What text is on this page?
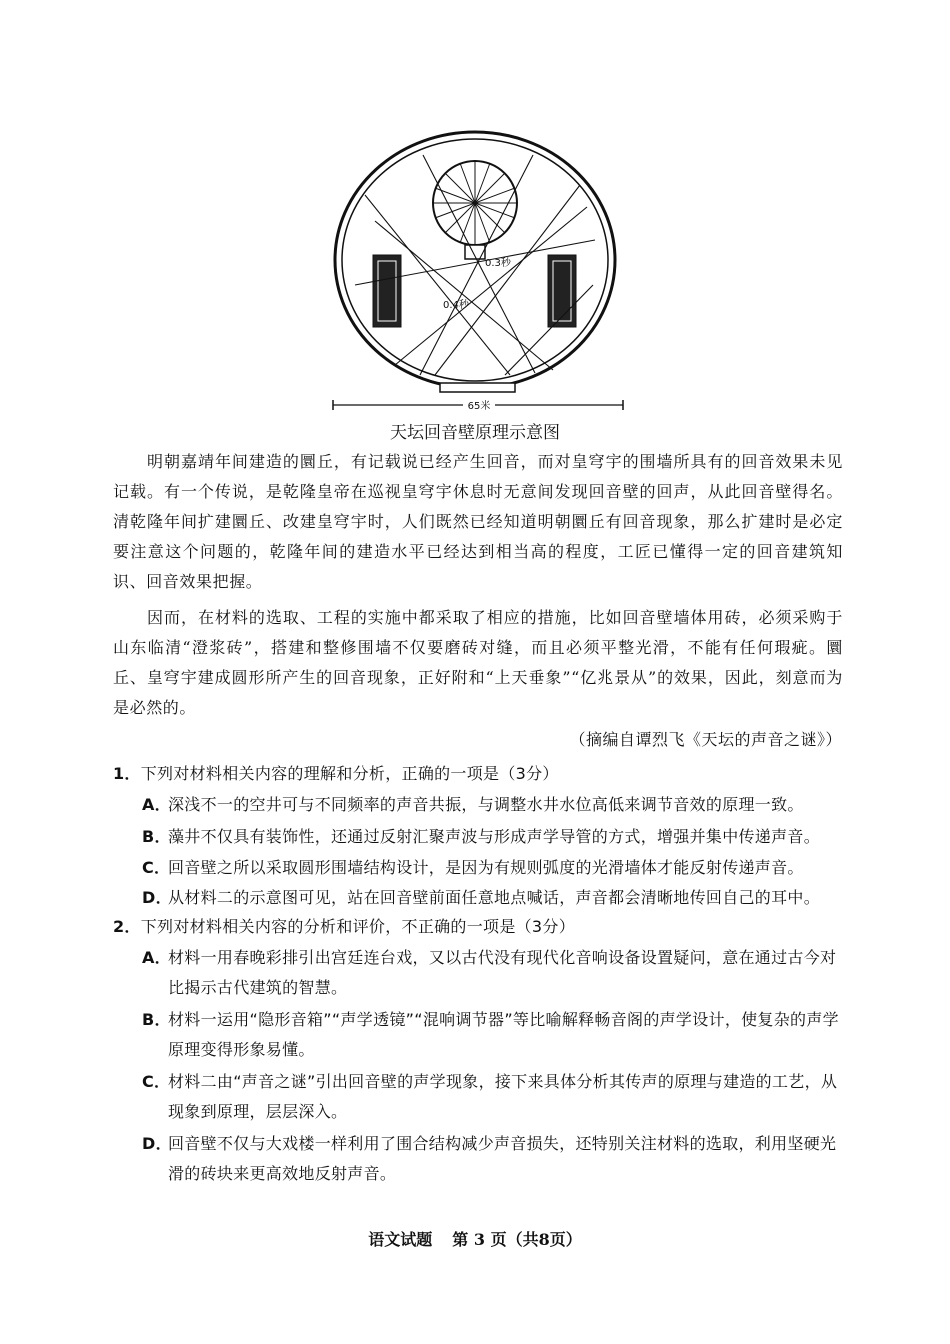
0.3秒
0.4秒
65米
天坛回音壁原理示意图
明朝嘉靖年间建造的圜丘，有记载说已经产生回音，而对皇穹宇的围墙所具有的回音效果未见记载。有一个传说，是乾隆皇帝在巡视皇穹宇休息时无意间发现回音壁的回声，从此回音壁得名。清乾隆年间扩建圜丘、改建皇穹宇时，人们既然已经知道明朝圜丘有回音现象，那么扩建时是必定要注意这个问题的，乾隆年间的建造水平已经达到相当高的程度，工匠已懂得一定的回音建筑知识、回音效果把握。
因而，在材料的选取、工程的实施中都采取了相应的措施，比如回音壁墙体用砖，必须采购于山东临清“澄浆砖”，搭建和整修围墙不仅要磨砖对缝，而且必须平整光滑，不能有任何瑕疵。圜丘、皇穹宇建成圆形所产生的回音现象，正好附和“上天垂象”“亿兆景从”的效果，因此，刻意而为是必然的。
（摘编自谭烈飞《天坛的声音之谜》）
1．下列对材料相关内容的理解和分析，正确的一项是（3分）
A．深浅不一的空井可与不同频率的声音共振，与调整水井水位高低来调节音效的原理一致。
B．藻井不仅具有装饰性，还通过反射汇聚声波与形成声学导管的方式，增强并集中传递声音。
C．回音壁之所以采取圆形围墙结构设计，是因为有规则弧度的光滑墙体才能反射传递声音。
D．从材料二的示意图可见，站在回音壁前面任意地点喊话，声音都会清晰地传回自己的耳中。
2．下列对材料相关内容的分析和评价，不正确的一项是（3分）
A．材料一用春晚彩排引出宫廷连台戏，又以古代没有现代化音响设备设置疑问，意在通过古今对比揭示古代建筑的智慧。
B．材料一运用“隐形音箱”“声学透镜”“混响调节器”等比喻解释畅音阁的声学设计，使复杂的声学原理变得形象易懂。
C．材料二由“声音之谜”引出回音壁的声学现象，接下来具体分析其传声的原理与建造的工艺，从现象到原理，层层深入。
D．回音壁不仅与大戏楼一样利用了围合结构减少声音损失，还特别关注材料的选取，利用坚硬光滑的砖块来更高效地反射声音。
语文试题 第 3 页（共8页）
